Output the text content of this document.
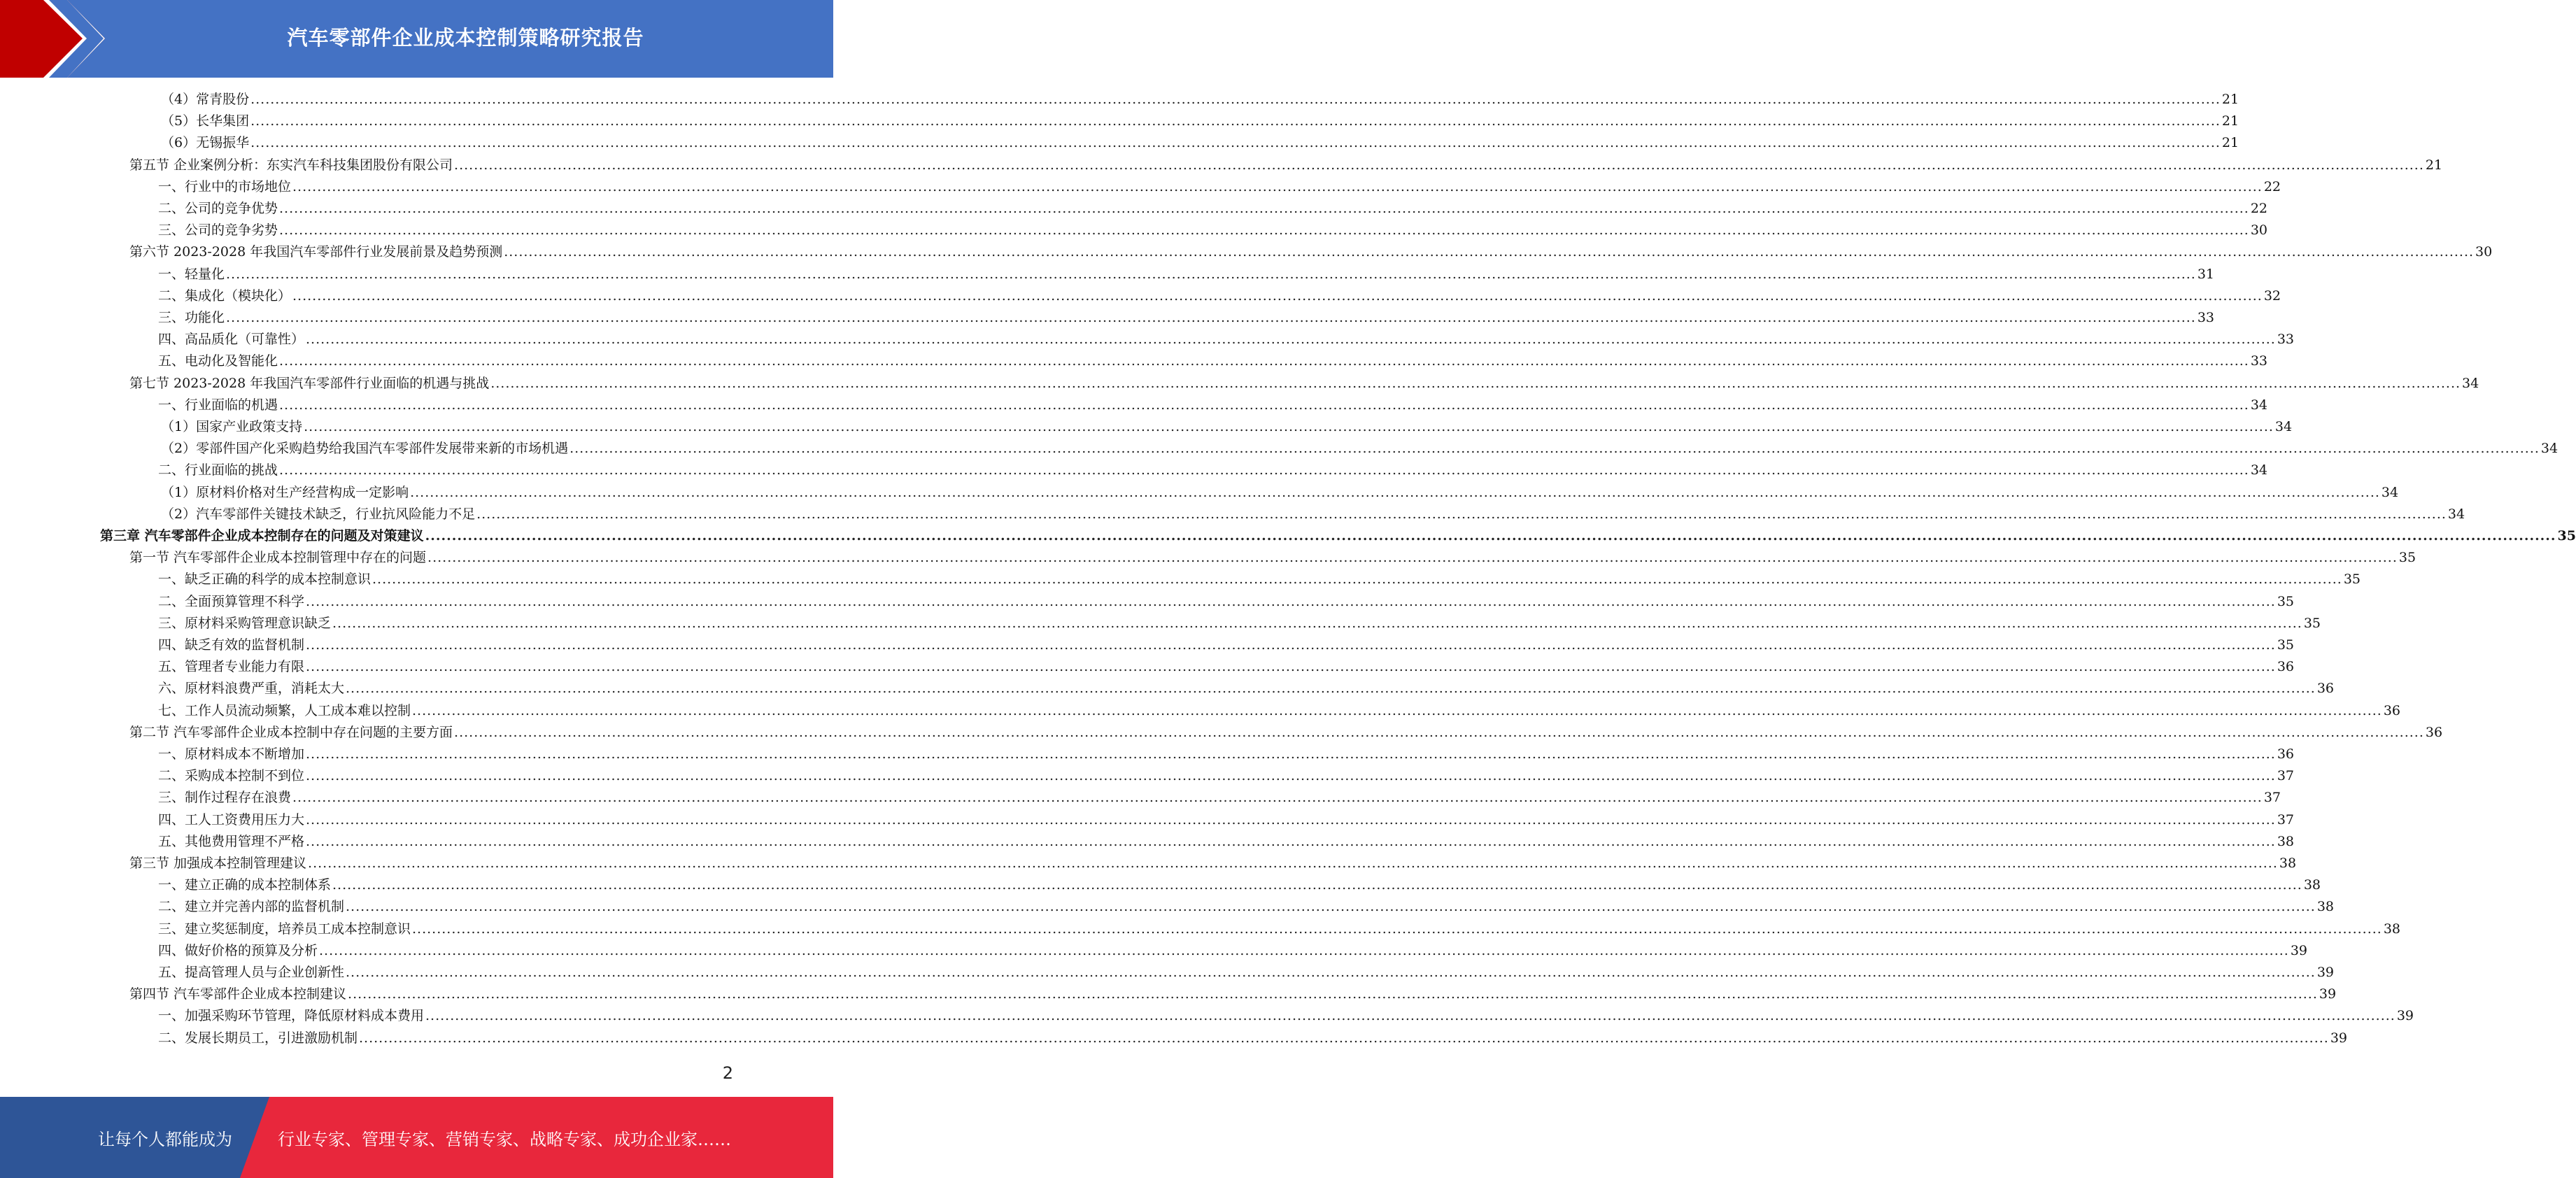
汽车零部件企业成本控制策略研究报告
（4）常青股份 ................................................................................................................................................................................................................................................................................................................................................................................................................ 21
（5）长华集团 ................................................................................................................................................................................................................................................................................................................................................................................................................ 21
（6）无锡振华 ................................................................................................................................................................................................................................................................................................................................................................................................................ 21
第五节 企业案例分析：东实汽车科技集团股份有限公司 ................................................................................................................................................................................................................................................................................................................................................................................................................ 21
一、行业中的市场地位 ................................................................................................................................................................................................................................................................................................................................................................................................................ 22
二、公司的竞争优势 ................................................................................................................................................................................................................................................................................................................................................................................................................ 22
三、公司的竞争劣势 ................................................................................................................................................................................................................................................................................................................................................................................................................ 30
第六节 2023-2028 年我国汽车零部件行业发展前景及趋势预测 ................................................................................................................................................................................................................................................................................................................................................................................................................ 30
一、轻量化 ................................................................................................................................................................................................................................................................................................................................................................................................................ 31
二、集成化（模块化） ................................................................................................................................................................................................................................................................................................................................................................................................................ 32
三、功能化 ................................................................................................................................................................................................................................................................................................................................................................................................................ 33
四、高品质化（可靠性） ................................................................................................................................................................................................................................................................................................................................................................................................................ 33
五、电动化及智能化 ................................................................................................................................................................................................................................................................................................................................................................................................................ 33
第七节 2023-2028 年我国汽车零部件行业面临的机遇与挑战 ................................................................................................................................................................................................................................................................................................................................................................................................................ 34
一、行业面临的机遇 ................................................................................................................................................................................................................................................................................................................................................................................................................ 34
（1）国家产业政策支持 ................................................................................................................................................................................................................................................................................................................................................................................................................ 34
（2）零部件国产化采购趋势给我国汽车零部件发展带来新的市场机遇 ................................................................................................................................................................................................................................................................................................................................................................................................................ 34
二、行业面临的挑战 ................................................................................................................................................................................................................................................................................................................................................................................................................ 34
（1）原材料价格对生产经营构成一定影响 ................................................................................................................................................................................................................................................................................................................................................................................................................ 34
（2）汽车零部件关键技术缺乏，行业抗风险能力不足 ................................................................................................................................................................................................................................................................................................................................................................................................................ 34
第三章 汽车零部件企业成本控制存在的问题及对策建议 ................................................................................................................................................................................................................................................................................................................................................................................................................ 35
第一节 汽车零部件企业成本控制管理中存在的问题 ................................................................................................................................................................................................................................................................................................................................................................................................................ 35
一、缺乏正确的科学的成本控制意识 ................................................................................................................................................................................................................................................................................................................................................................................................................ 35
二、全面预算管理不科学 ................................................................................................................................................................................................................................................................................................................................................................................................................ 35
三、原材料采购管理意识缺乏 ................................................................................................................................................................................................................................................................................................................................................................................................................ 35
四、缺乏有效的监督机制 ................................................................................................................................................................................................................................................................................................................................................................................................................ 35
五、管理者专业能力有限 ................................................................................................................................................................................................................................................................................................................................................................................................................ 36
六、原材料浪费严重，消耗太大 ................................................................................................................................................................................................................................................................................................................................................................................................................ 36
七、工作人员流动频繁，人工成本难以控制 ................................................................................................................................................................................................................................................................................................................................................................................................................ 36
第二节 汽车零部件企业成本控制中存在问题的主要方面 ................................................................................................................................................................................................................................................................................................................................................................................................................ 36
一、原材料成本不断增加 ................................................................................................................................................................................................................................................................................................................................................................................................................ 36
二、采购成本控制不到位 ................................................................................................................................................................................................................................................................................................................................................................................................................ 37
三、制作过程存在浪费 ................................................................................................................................................................................................................................................................................................................................................................................................................ 37
四、工人工资费用压力大 ................................................................................................................................................................................................................................................................................................................................................................................................................ 37
五、其他费用管理不严格 ................................................................................................................................................................................................................................................................................................................................................................................................................ 38
第三节 加强成本控制管理建议 ................................................................................................................................................................................................................................................................................................................................................................................................................ 38
一、建立正确的成本控制体系 ................................................................................................................................................................................................................................................................................................................................................................................................................ 38
二、建立并完善内部的监督机制 ................................................................................................................................................................................................................................................................................................................................................................................................................ 38
三、建立奖惩制度，培养员工成本控制意识 ................................................................................................................................................................................................................................................................................................................................................................................................................ 38
四、做好价格的预算及分析 ................................................................................................................................................................................................................................................................................................................................................................................................................ 39
五、提高管理人员与企业创新性 ................................................................................................................................................................................................................................................................................................................................................................................................................ 39
第四节 汽车零部件企业成本控制建议 ................................................................................................................................................................................................................................................................................................................................................................................................................ 39
一、加强采购环节管理，降低原材料成本费用 ................................................................................................................................................................................................................................................................................................................................................................................................................ 39
二、发展长期员工，引进激励机制 ................................................................................................................................................................................................................................................................................................................................................................................................................ 39
2
让每个人都能成为	行业专家、管理专家、营销专家、战略专家、成功企业家……
